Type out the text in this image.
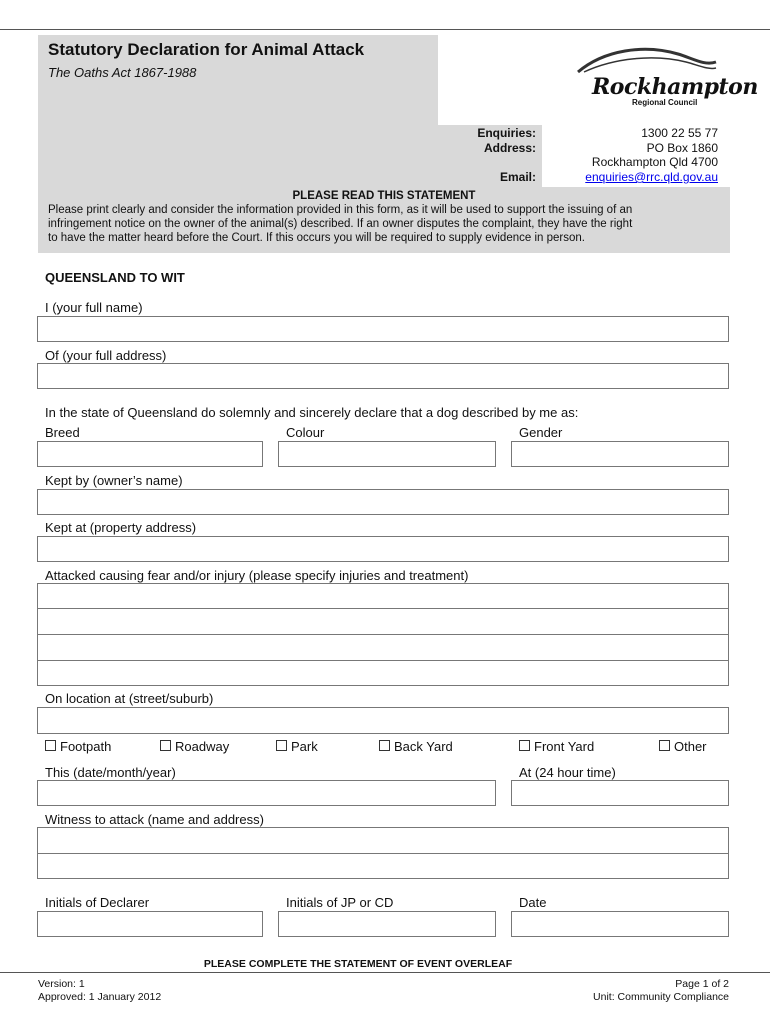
Statutory Declaration for Animal Attack
The Oaths Act 1867-1988
Rockhampton
Regional Council
Enquiries:	1300 22 55 77
Address:	PO Box 1860
Rockhampton Qld 4700
Email:	enquiries@rrc.qld.gov.au
PLEASE READ THIS STATEMENT
Please print clearly and consider the information provided in this form, as it will be used to support the issuing of an
infringement notice on the owner of the animal(s) described. If an owner disputes the complaint, they have the right
to have the matter heard before the Court. If this occurs you will be required to supply evidence in person.
QUEENSLAND TO WIT
I (your full name)
Of (your full address)
In the state of Queensland do solemnly and sincerely declare that a dog described by me as:
Breed	Colour	Gender
Kept by (owner’s name)
Kept at (property address)
Attacked causing fear and/or injury (please specify injuries and treatment)
On location at (street/suburb)
Footpath	Roadway	Park	Back Yard	Front Yard	Other
This (date/month/year)	At (24 hour time)
Witness to attack (name and address)
Initials of Declarer	Initials of JP or CD	Date
PLEASE COMPLETE THE STATEMENT OF EVENT OVERLEAF
Version: 1
Approved: 1 January 2012
Page 1 of 2
Unit: Community Compliance
